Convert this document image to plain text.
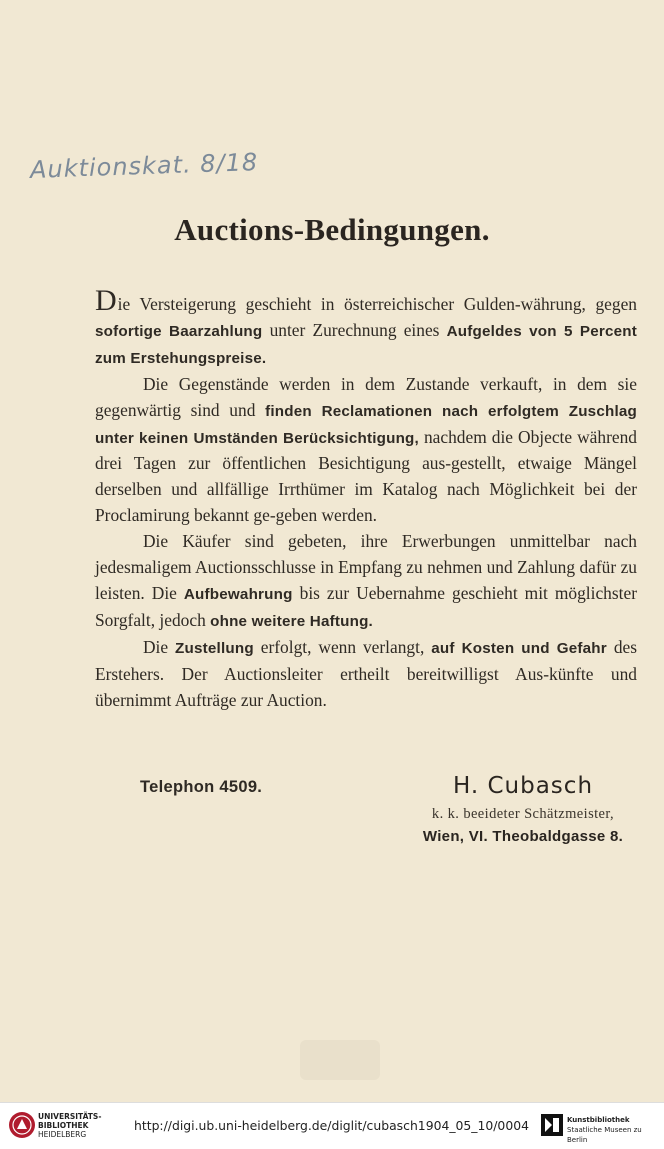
Auktionskat. 8/18
Auctions-Bedingungen.

Die Versteigerung geschieht in österreichischer Gulden-währung, gegen sofortige Baarzahlung unter Zurechnung eines Aufgeldes von 5 Percent zum Erstehungspreise.

Die Gegenstände werden in dem Zustande verkauft, in dem sie gegenwärtig sind und finden Reclamationen nach erfolgtem Zuschlag unter keinen Umständen Berücksichtigung, nachdem die Objecte während drei Tagen zur öffentlichen Besichtigung aus-gestellt, etwaige Mängel derselben und allfällige Irrthümer im Katalog nach Möglichkeit bei der Proclamirung bekannt ge-geben werden.

Die Käufer sind gebeten, ihre Erwerbungen unmittelbar nach jedesmaligem Auctionsschlusse in Empfang zu nehmen und Zahlung dafür zu leisten. Die Aufbewahrung bis zur Uebernahme geschieht mit möglichster Sorgfalt, jedoch ohne weitere Haftung.

Die Zustellung erfolgt, wenn verlangt, auf Kosten und Gefahr des Erstehers. Der Auctionsleiter ertheilt bereitwilligst Aus-künfte und übernimmt Aufträge zur Auction.

Telephon 4509.	H. Cubasch
k. k. beeideter Schätzmeister,
Wien, VI. Theobaldgasse 8.
UNIVERSITÄTS-
BIBLIOTHEK
HEIDELBERG
http://digi.ub.uni-heidelberg.de/diglit/cubasch1904_05_10/0004	Kunstbibliothek
Staatliche Museen zu Berlin
